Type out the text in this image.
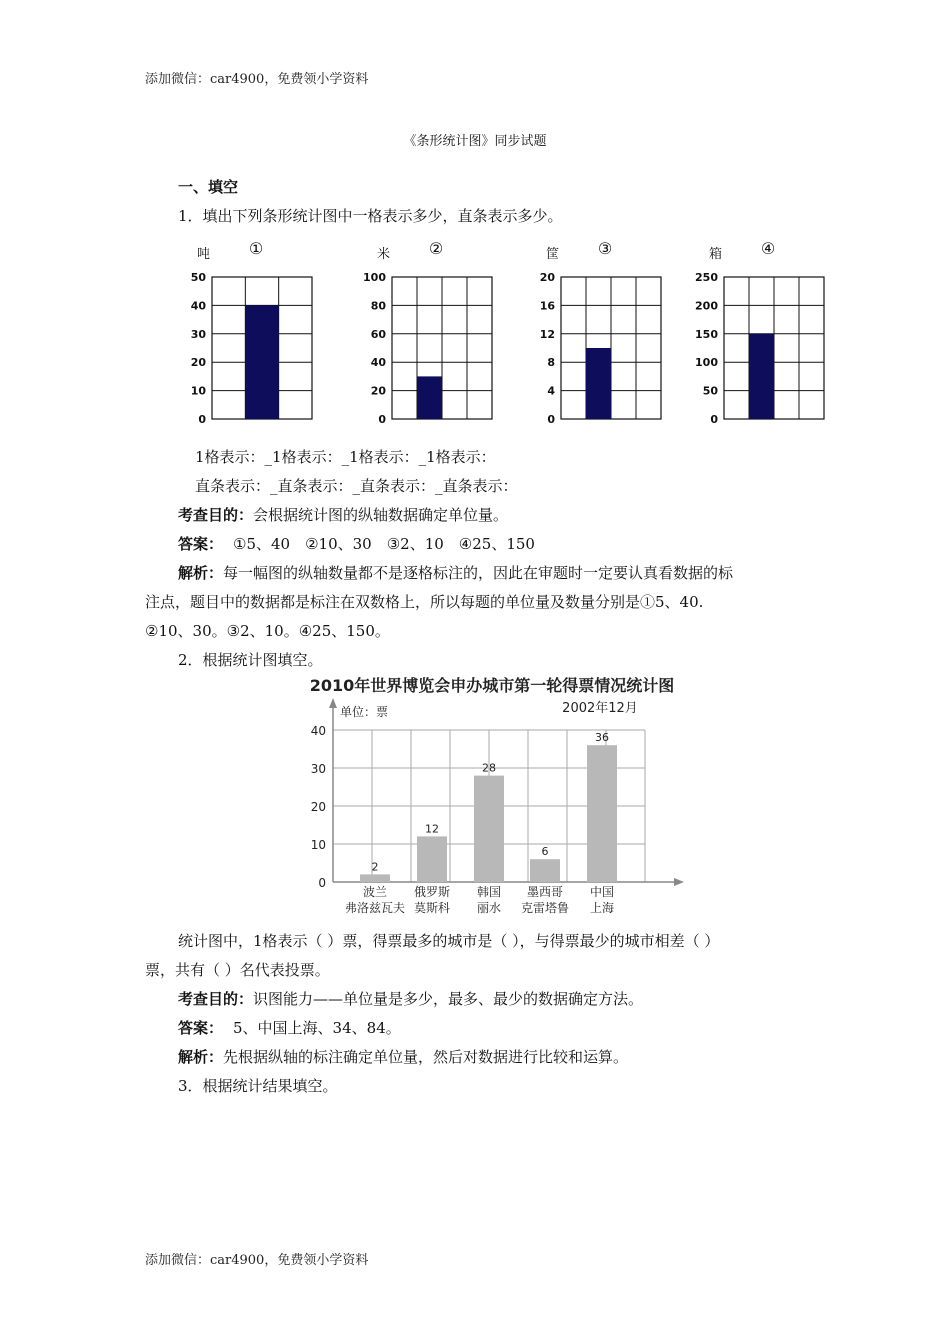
添加微信：car4900，免费领小学资料
《条形统计图》同步试题
一、填空
1．填出下列条形统计图中一格表示多少，直条表示多少。
0
10
20
30
40
50
吨 ①
0
20
40
60
80
100
米 ②
0
4
8
12
16
20
筐 ③
0
50
100
150
200
250
箱 ④
1格表示：_1格表示：_1格表示：_1格表示：
直条表示：_直条表示：_直条表示：_直条表示：
考查目的：会根据统计图的纵轴数据确定单位量。
答案： ①5、40　②10、30　③2、10　④25、150
解析：每一幅图的纵轴数量都不是逐格标注的，因此在审题时一定要认真看数据的标
注点，题目中的数据都是标注在双数格上，所以每题的单位量及数量分别是①5、40.
②10、30。③2、10。④25、150。
2．根据统计图填空。
2010年世界博览会申办城市第一轮得票情况统计图
单位：票	2002年12月
0
10
20
30
40
2
波兰
弗洛兹瓦夫
12
俄罗斯
莫斯科
28
韩国
丽水
6
墨西哥
克雷塔鲁
36
中国
上海
统计图中，1格表示（ ）票，得票最多的城市是（ ），与得票最少的城市相差（ ）
票，共有（ ）名代表投票。
考查目的：识图能力——单位量是多少，最多、最少的数据确定方法。
答案： 5、中国上海、34、84。
解析：先根据纵轴的标注确定单位量，然后对数据进行比较和运算。
3．根据统计结果填空。
添加微信：car4900，免费领小学资料
